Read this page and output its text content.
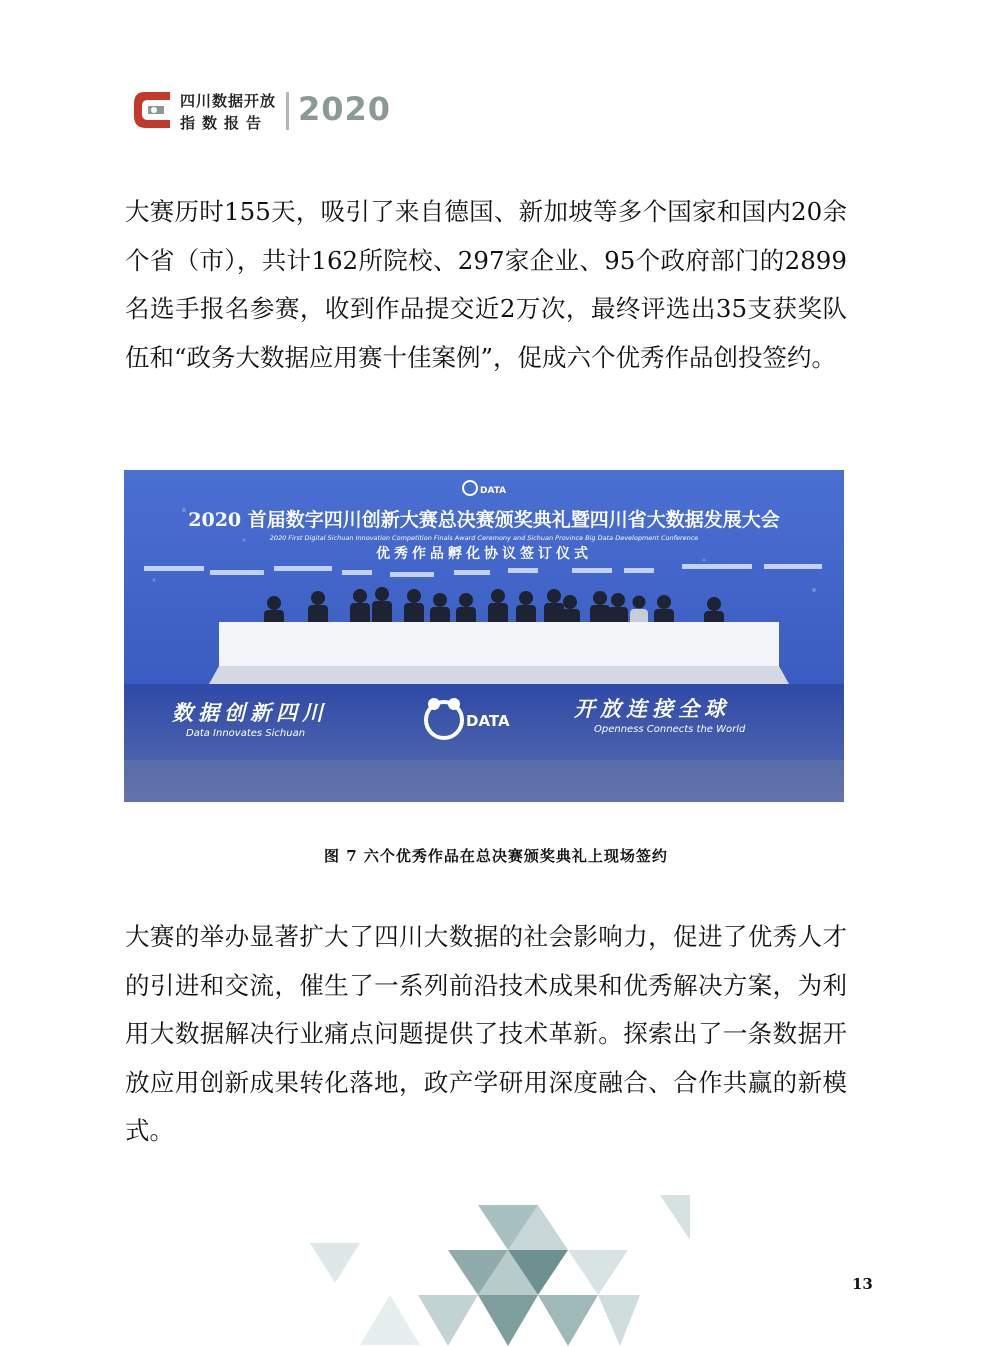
四川数据开放
指数报告 2020

大赛历时155天，吸引了来自德国、新加坡等多个国家和国内20余个省（市），共计162所院校、297家企业、95个政府部门的2899名选手报名参赛，收到作品提交近2万次，最终评选出35支获奖队伍和“政务大数据应用赛十佳案例”，促成六个优秀作品创投签约。

DATA
2020 首届数字四川创新大赛总决赛颁奖典礼暨四川省大数据发展大会
2020 First Digital Sichuan Innovation Competition Finals Award Ceremony and Sichuan Province Big Data Development Conference
优秀作品孵化协议签订仪式
数据创新四川
Data Innovates Sichuan
DATA	开放连接全球
Openness Connects the World
图 7 六个优秀作品在总决赛颁奖典礼上现场签约

大赛的举办显著扩大了四川大数据的社会影响力，促进了优秀人才的引进和交流，催生了一系列前沿技术成果和优秀解决方案，为利用大数据解决行业痛点问题提供了技术革新。探索出了一条数据开放应用创新成果转化落地，政产学研用深度融合、合作共赢的新模式。

13
